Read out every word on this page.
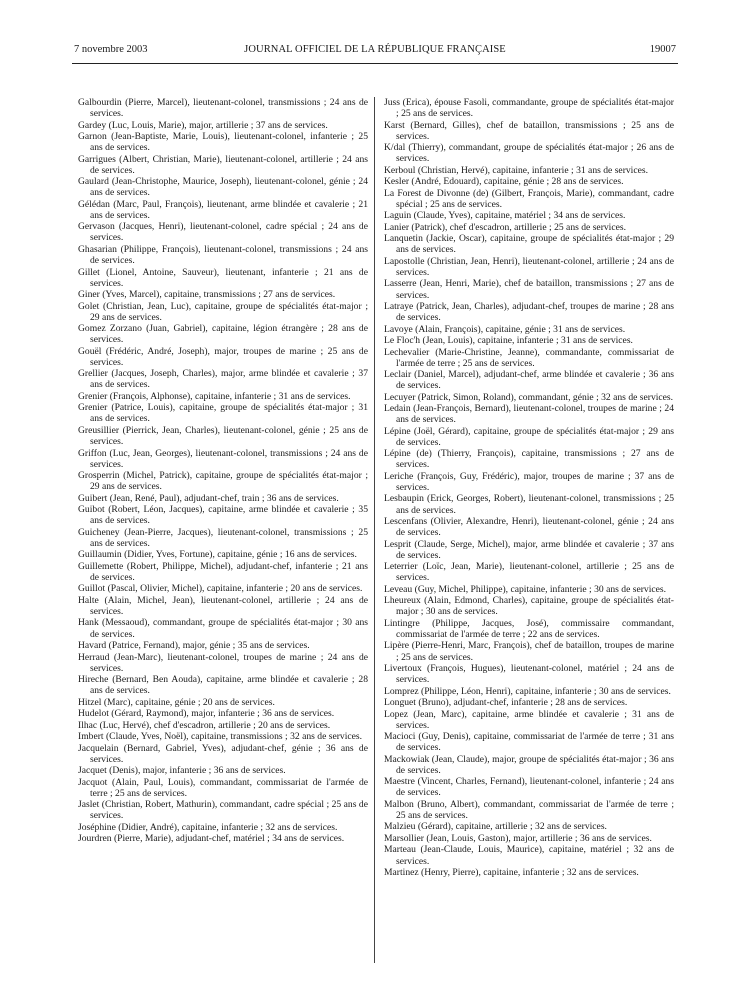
7 novembre 2003	JOURNAL OFFICIEL DE LA RÉPUBLIQUE FRANÇAISE	19007

Galbourdin (Pierre, Marcel), lieutenant-colonel, transmissions ; 24 ans de services.

Gardey (Luc, Louis, Marie), major, artillerie ; 37 ans de services.

Garnon (Jean-Baptiste, Marie, Louis), lieutenant-colonel, infanterie ; 25 ans de services.

Garrigues (Albert, Christian, Marie), lieutenant-colonel, artillerie ; 24 ans de services.

Gaulard (Jean-Christophe, Maurice, Joseph), lieutenant-colonel, génie ; 24 ans de services.

Gélédan (Marc, Paul, François), lieutenant, arme blindée et cavalerie ; 21 ans de services.

Gervason (Jacques, Henri), lieutenant-colonel, cadre spécial ; 24 ans de services.

Ghasarian (Philippe, François), lieutenant-colonel, transmissions ; 24 ans de services.

Gillet (Lionel, Antoine, Sauveur), lieutenant, infanterie ; 21 ans de services.

Giner (Yves, Marcel), capitaine, transmissions ; 27 ans de services.

Golet (Christian, Jean, Luc), capitaine, groupe de spécialités état-major ; 29 ans de services.

Gomez Zorzano (Juan, Gabriel), capitaine, légion étrangère ; 28 ans de services.

Gouël (Frédéric, André, Joseph), major, troupes de marine ; 25 ans de services.

Grellier (Jacques, Joseph, Charles), major, arme blindée et cavalerie ; 37 ans de services.

Grenier (François, Alphonse), capitaine, infanterie ; 31 ans de services.

Grenier (Patrice, Louis), capitaine, groupe de spécialités état-major ; 31 ans de services.

Greusillier (Pierrick, Jean, Charles), lieutenant-colonel, génie ; 25 ans de services.

Griffon (Luc, Jean, Georges), lieutenant-colonel, transmissions ; 24 ans de services.

Grosperrin (Michel, Patrick), capitaine, groupe de spécialités état-major ; 29 ans de services.

Guibert (Jean, René, Paul), adjudant-chef, train ; 36 ans de services.

Guibot (Robert, Léon, Jacques), capitaine, arme blindée et cavalerie ; 35 ans de services.

Guicheney (Jean-Pierre, Jacques), lieutenant-colonel, transmissions ; 25 ans de services.

Guillaumin (Didier, Yves, Fortune), capitaine, génie ; 16 ans de services.

Guillemette (Robert, Philippe, Michel), adjudant-chef, infanterie ; 21 ans de services.

Guillot (Pascal, Olivier, Michel), capitaine, infanterie ; 20 ans de services.

Halte (Alain, Michel, Jean), lieutenant-colonel, artillerie ; 24 ans de services.

Hank (Messaoud), commandant, groupe de spécialités état-major ; 30 ans de services.

Havard (Patrice, Fernand), major, génie ; 35 ans de services.

Herraud (Jean-Marc), lieutenant-colonel, troupes de marine ; 24 ans de services.

Hireche (Bernard, Ben Aouda), capitaine, arme blindée et cavalerie ; 28 ans de services.

Hitzel (Marc), capitaine, génie ; 20 ans de services.

Hudelot (Gérard, Raymond), major, infanterie ; 36 ans de services.

Ilhac (Luc, Hervé), chef d'escadron, artillerie ; 20 ans de services.

Imbert (Claude, Yves, Noël), capitaine, transmissions ; 32 ans de services.

Jacquelain (Bernard, Gabriel, Yves), adjudant-chef, génie ; 36 ans de services.

Jacquet (Denis), major, infanterie ; 36 ans de services.

Jacquot (Alain, Paul, Louis), commandant, commissariat de l'armée de terre ; 25 ans de services.

Jaslet (Christian, Robert, Mathurin), commandant, cadre spécial ; 25 ans de services.

Joséphine (Didier, André), capitaine, infanterie ; 32 ans de services.

Jourdren (Pierre, Marie), adjudant-chef, matériel ; 34 ans de services.

Juss (Erica), épouse Fasoli, commandante, groupe de spécialités état-major ; 25 ans de services.

Karst (Bernard, Gilles), chef de bataillon, transmissions ; 25 ans de services.

K/dal (Thierry), commandant, groupe de spécialités état-major ; 26 ans de services.

Kerboul (Christian, Hervé), capitaine, infanterie ; 31 ans de services.

Kesler (André, Edouard), capitaine, génie ; 28 ans de services.

La Forest de Divonne (de) (Gilbert, François, Marie), commandant, cadre spécial ; 25 ans de services.

Laguin (Claude, Yves), capitaine, matériel ; 34 ans de services.

Lanier (Patrick), chef d'escadron, artillerie ; 25 ans de services.

Lanquetin (Jackie, Oscar), capitaine, groupe de spécialités état-major ; 29 ans de services.

Lapostolle (Christian, Jean, Henri), lieutenant-colonel, artillerie ; 24 ans de services.

Lasserre (Jean, Henri, Marie), chef de bataillon, transmissions ; 27 ans de services.

Latraye (Patrick, Jean, Charles), adjudant-chef, troupes de marine ; 28 ans de services.

Lavoye (Alain, François), capitaine, génie ; 31 ans de services.

Le Floc'h (Jean, Louis), capitaine, infanterie ; 31 ans de services.

Lechevalier (Marie-Christine, Jeanne), commandante, commissariat de l'armée de terre ; 25 ans de services.

Leclair (Daniel, Marcel), adjudant-chef, arme blindée et cavalerie ; 36 ans de services.

Lecuyer (Patrick, Simon, Roland), commandant, génie ; 32 ans de services.

Ledain (Jean-François, Bernard), lieutenant-colonel, troupes de marine ; 24 ans de services.

Lépine (Joël, Gérard), capitaine, groupe de spécialités état-major ; 29 ans de services.

Lépine (de) (Thierry, François), capitaine, transmissions ; 27 ans de services.

Leriche (François, Guy, Frédéric), major, troupes de marine ; 37 ans de services.

Lesbaupin (Erick, Georges, Robert), lieutenant-colonel, transmissions ; 25 ans de services.

Lescenfans (Olivier, Alexandre, Henri), lieutenant-colonel, génie ; 24 ans de services.

Lesprit (Claude, Serge, Michel), major, arme blindée et cavalerie ; 37 ans de services.

Leterrier (Loïc, Jean, Marie), lieutenant-colonel, artillerie ; 25 ans de services.

Leveau (Guy, Michel, Philippe), capitaine, infanterie ; 30 ans de services.

Lheureux (Alain, Edmond, Charles), capitaine, groupe de spécialités état-major ; 30 ans de services.

Lintingre (Philippe, Jacques, José), commissaire commandant, commissariat de l'armée de terre ; 22 ans de services.

Lipère (Pierre-Henri, Marc, François), chef de bataillon, troupes de marine ; 25 ans de services.

Livertoux (François, Hugues), lieutenant-colonel, matériel ; 24 ans de services.

Lomprez (Philippe, Léon, Henri), capitaine, infanterie ; 30 ans de services.

Longuet (Bruno), adjudant-chef, infanterie ; 28 ans de services.

Lopez (Jean, Marc), capitaine, arme blindée et cavalerie ; 31 ans de services.

Macioci (Guy, Denis), capitaine, commissariat de l'armée de terre ; 31 ans de services.

Mackowiak (Jean, Claude), major, groupe de spécialités état-major ; 36 ans de services.

Maestre (Vincent, Charles, Fernand), lieutenant-colonel, infanterie ; 24 ans de services.

Malbon (Bruno, Albert), commandant, commissariat de l'armée de terre ; 25 ans de services.

Malzieu (Gérard), capitaine, artillerie ; 32 ans de services.

Marsollier (Jean, Louis, Gaston), major, artillerie ; 36 ans de services.

Marteau (Jean-Claude, Louis, Maurice), capitaine, matériel ; 32 ans de services.

Martinez (Henry, Pierre), capitaine, infanterie ; 32 ans de services.
